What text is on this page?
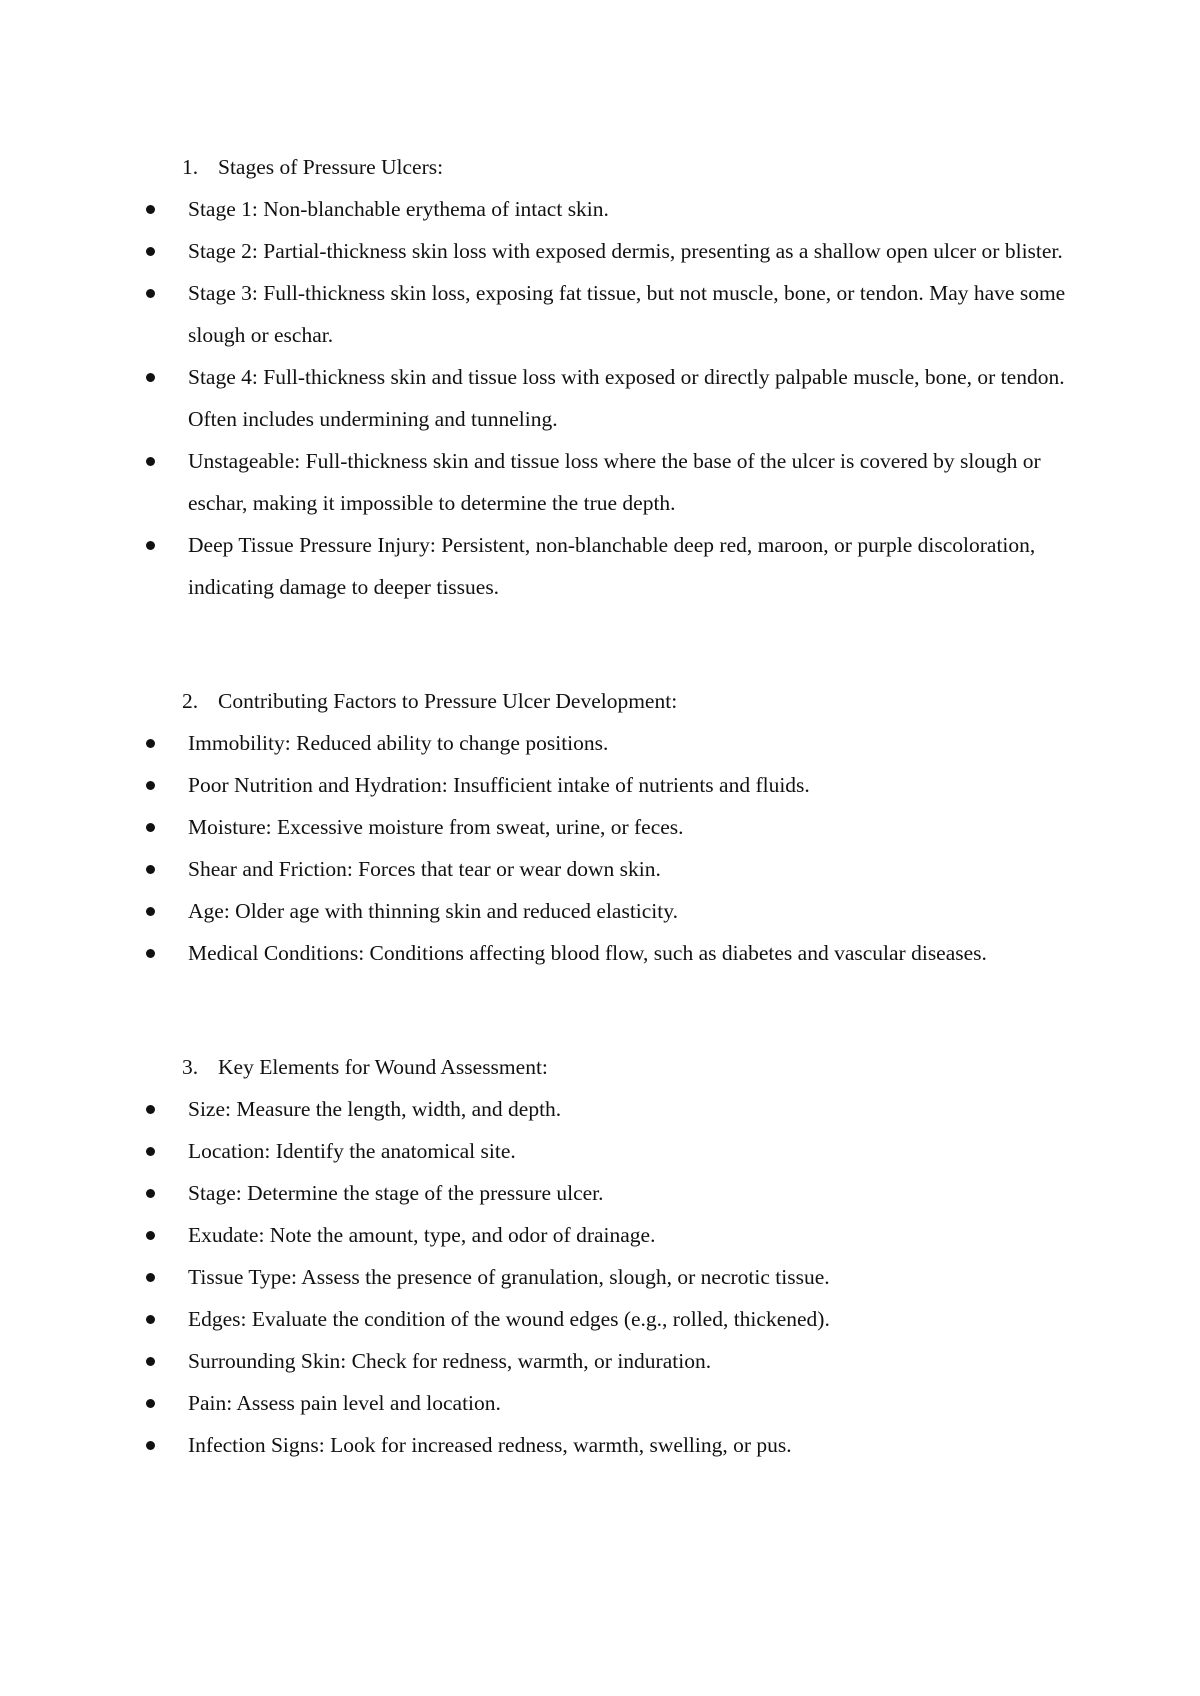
1. Stages of Pressure Ulcers:
Stage 1: Non-blanchable erythema of intact skin.
Stage 2: Partial-thickness skin loss with exposed dermis, presenting as a shallow open ulcer or blister.
Stage 3: Full-thickness skin loss, exposing fat tissue, but not muscle, bone, or tendon. May have some slough or eschar.
Stage 4: Full-thickness skin and tissue loss with exposed or directly palpable muscle, bone, or tendon. Often includes undermining and tunneling.
Unstageable: Full-thickness skin and tissue loss where the base of the ulcer is covered by slough or eschar, making it impossible to determine the true depth.
Deep Tissue Pressure Injury: Persistent, non-blanchable deep red, maroon, or purple discoloration, indicating damage to deeper tissues.
2. Contributing Factors to Pressure Ulcer Development:
Immobility: Reduced ability to change positions.
Poor Nutrition and Hydration: Insufficient intake of nutrients and fluids.
Moisture: Excessive moisture from sweat, urine, or feces.
Shear and Friction: Forces that tear or wear down skin.
Age: Older age with thinning skin and reduced elasticity.
Medical Conditions: Conditions affecting blood flow, such as diabetes and vascular diseases.
3. Key Elements for Wound Assessment:
Size: Measure the length, width, and depth.
Location: Identify the anatomical site.
Stage: Determine the stage of the pressure ulcer.
Exudate: Note the amount, type, and odor of drainage.
Tissue Type: Assess the presence of granulation, slough, or necrotic tissue.
Edges: Evaluate the condition of the wound edges (e.g., rolled, thickened).
Surrounding Skin: Check for redness, warmth, or induration.
Pain: Assess pain level and location.
Infection Signs: Look for increased redness, warmth, swelling, or pus.
